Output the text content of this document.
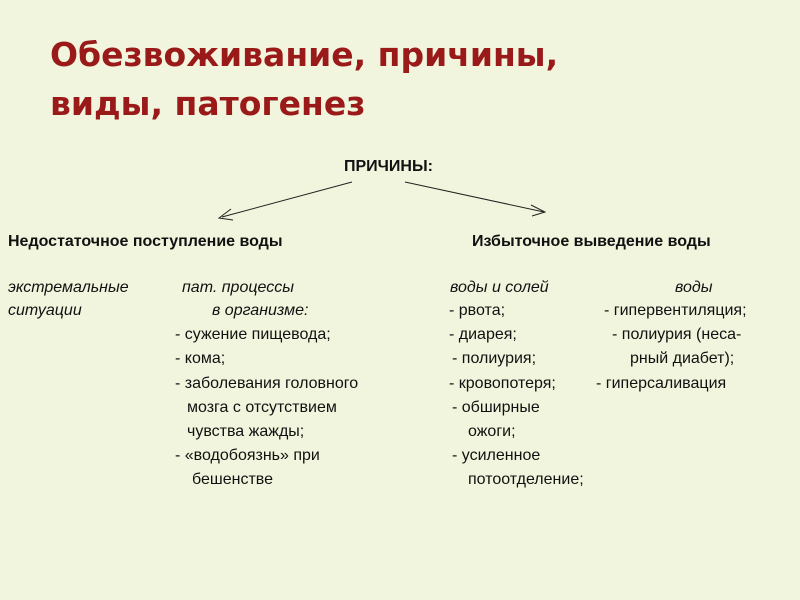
Обезвоживание, причины,
виды, патогенез
ПРИЧИНЫ:
Недостаточное поступление воды	Избыточное выведение воды
экстремальные
ситуации
пат. процессы
в организме:
- сужение пищевода;
- кома;
- заболевания головного
мозга с отсутствием
чувства жажды;
- «водобоязнь» при
бешенстве
воды и солей
- рвота;
- диарея;
- полиурия;
- кровопотеря;
- обширные
ожоги;
- усиленное
потоотделение;
воды
- гипервентиляция;
- полиурия (неса-
рный диабет);
- гиперсаливация
